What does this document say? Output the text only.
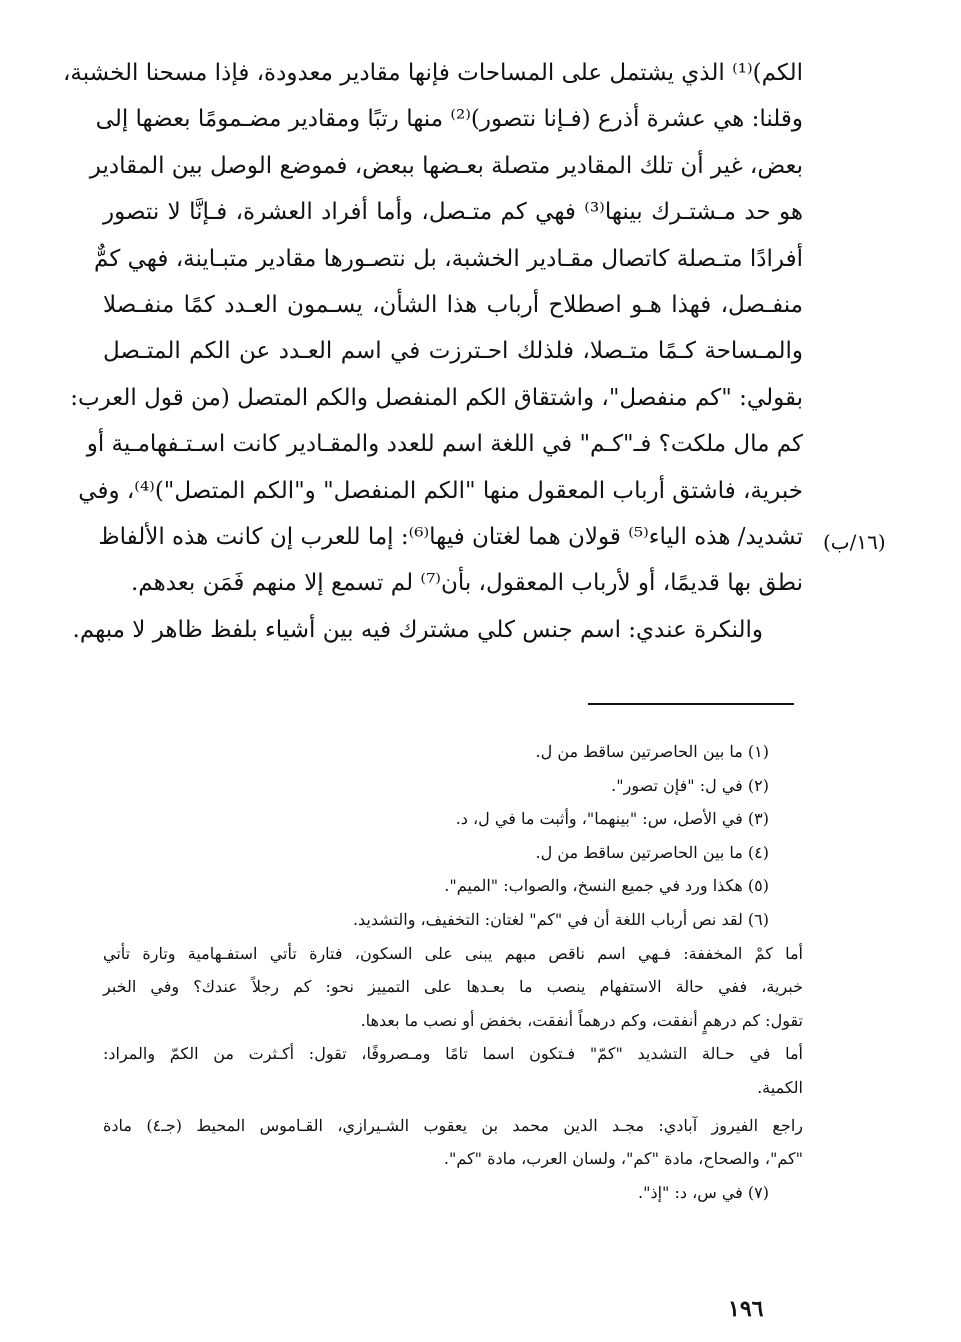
الكم)⁽¹⁾ الذي يشتمل على المساحات فإنها مقادير معدودة، فإذا مسحنا الخشبة،
وقلنا: هي عشرة أذرع (فـإنا نتصور)⁽²⁾ منها رتبًا ومقادير مضـمومًا بعضها إلى
بعض، غير أن تلك المقادير متصلة بعـضها ببعض، فموضع الوصل بين المقادير
هو حد مـشتـرك بينها⁽³⁾ فهي كم متـصل، وأما أفراد العشرة، فـإنَّا لا نتصور
أفرادًا متـصلة كاتصال مقـادير الخشبة، بل نتصـورها مقادير متبـاينة، فهي كمٌّ
منفـصل، فهذا هـو اصطلاح أرباب هذا الشأن، يسـمون العـدد كمًا منفـصلا
والمـساحة كـمًا متـصلا، فلذلك احـترزت في اسم العـدد عن الكم المتـصل
بقولي: "كم منفصل"، واشتقاق الكم المنفصل والكم المتصل (من قول العرب:
كم مال ملكت؟ فـ"كـم" في اللغة اسم للعدد والمقـادير كانت اسـتـفهامـية أو
خبرية، فاشتق أرباب المعقول منها "الكم المنفصل" و"الكم المتصل")⁽⁴⁾، وفي
تشديد/ هذه الياء⁽⁵⁾ قولان هما لغتان فيها⁽⁶⁾: إما للعرب إن كانت هذه الألفاظ
نطق بها قديمًا، أو لأرباب المعقول، بأن⁽⁷⁾ لم تسمع إلا منهم فَمَن بعدهم.
والنكرة عندي: اسم جنس كلي مشترك فيه بين أشياء بلفظ ظاهر لا مبهم.
(١٦/ب)
(١) ما بين الحاصرتين ساقط من ل.
(٢) في ل: "فإن تصور".
(٣) في الأصل، س: "بينهما"، وأثبت ما في ل، د.
(٤) ما بين الحاصرتين ساقط من ل.
(٥) هكذا ورد في جميع النسخ، والصواب: "الميم".
(٦) لقد نص أرباب اللغة أن في "كم" لغتان: التخفيف، والتشديد.
أما كمْ المخففة: فـهي اسم ناقص مبهم يبنى على السكون، فتارة تأتي استفـهامية وتارة تأتي
خبرية، ففي حالة الاستفهام ينصب ما بعـدها على التمييز نحو: كم رجلاً عندك؟ وفي الخبر
تقول: كم درهمٍ أنفقت، وكم درهماً أنفقت، بخفض أو نصب ما بعدها.
أما في حـالة التشديد "كمّ" فـتكون اسما تامًا ومـصروفًا، تقول: أكـثرت من الكمّ والمراد:
الكمية.
راجع الفيروز آبادي: مجـد الدين محمد بن يعقوب الشـيرازي، القـاموس المحيط (جـ٤) مادة
"كم"، والصحاح، مادة "كم"، ولسان العرب، مادة "كم".
(٧) في س، د: "إذ".
١٩٦
